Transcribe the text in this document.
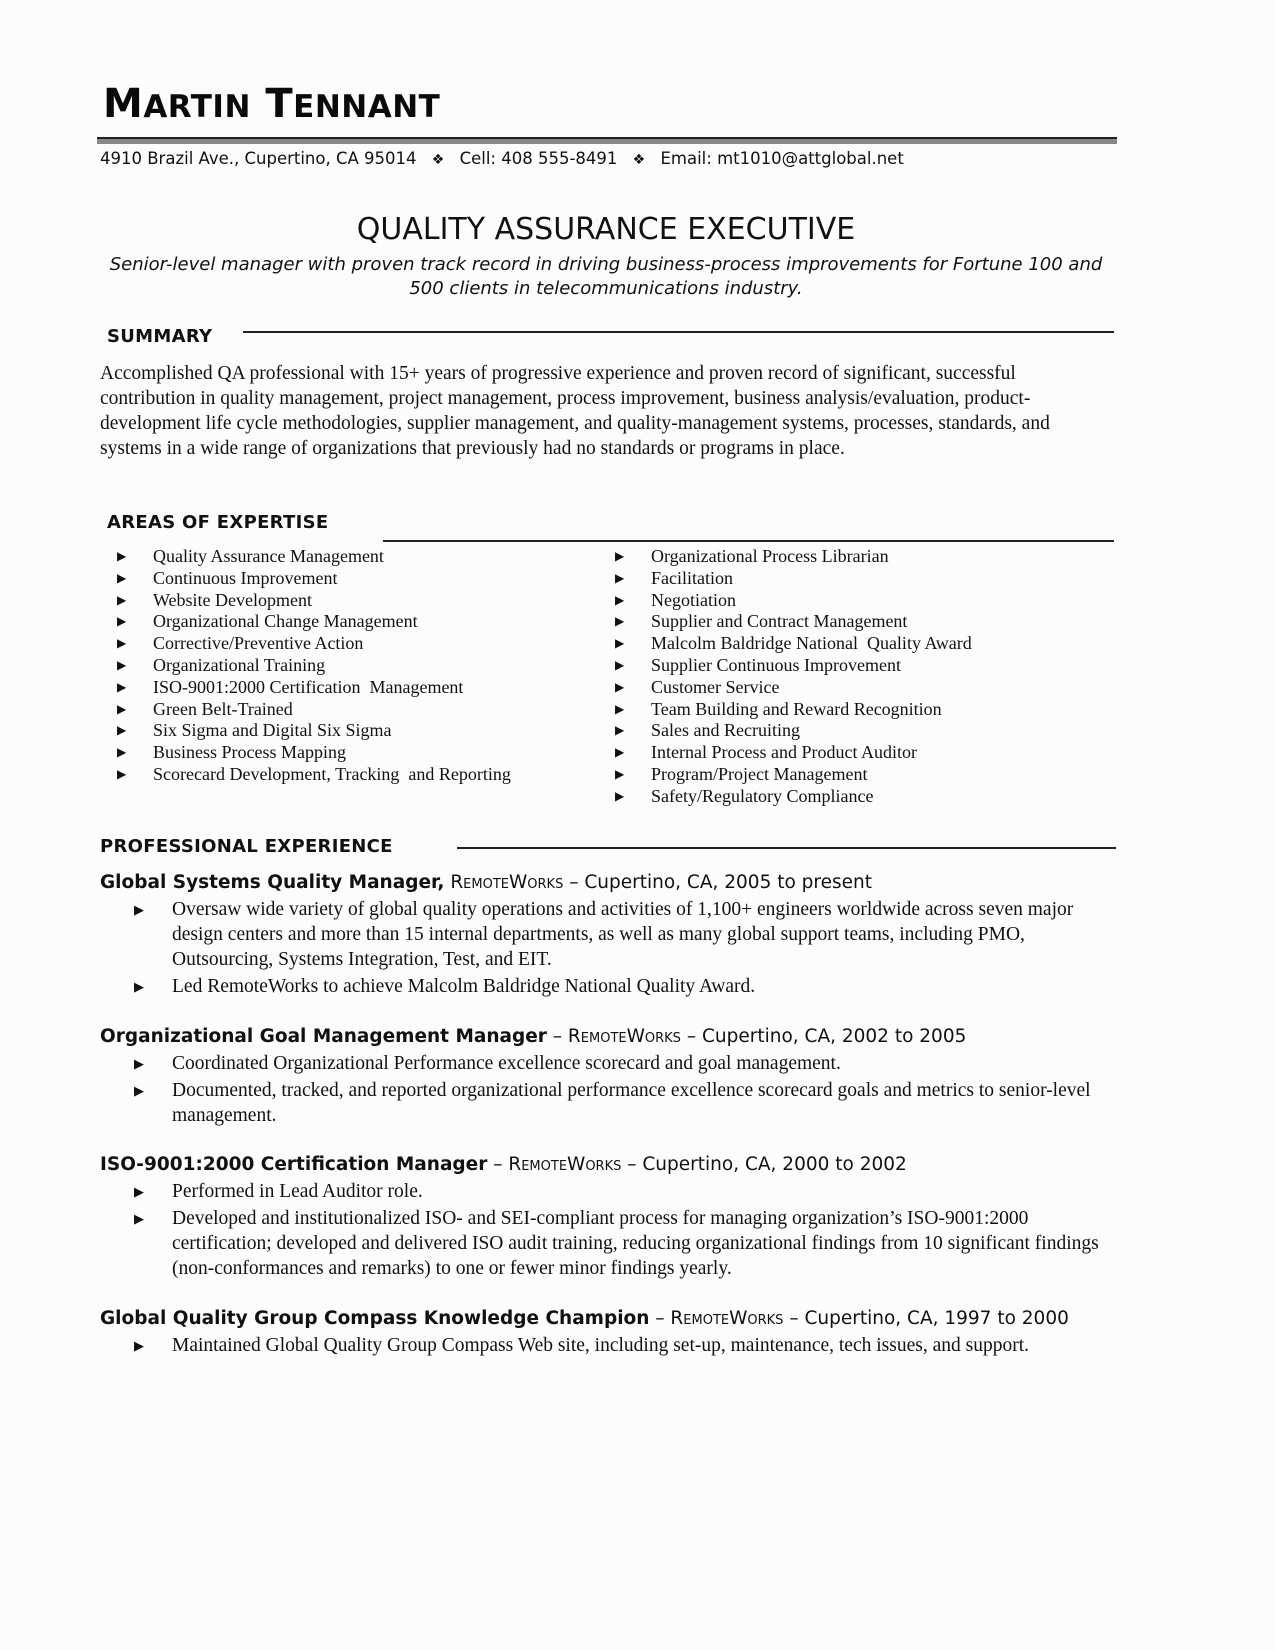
MARTIN TENNANT
4910 Brazil Ave., Cupertino, CA 95014 ❖ Cell: 408 555-8491 ❖ Email: mt1010@attglobal.net
QUALITY ASSURANCE EXECUTIVE
Senior-level manager with proven track record in driving business-process improvements for Fortune 100 and 500 clients in telecommunications industry.
SUMMARY
Accomplished QA professional with 15+ years of progressive experience and proven record of significant, successful contribution in quality management, project management, process improvement, business analysis/evaluation, product-development life cycle methodologies, supplier management, and quality-management systems, processes, standards, and systems in a wide range of organizations that previously had no standards or programs in place.
AREAS OF EXPERTISE
▶ Quality Assurance Management
▶ Continuous Improvement
▶ Website Development
▶ Organizational Change Management
▶ Corrective/Preventive Action
▶ Organizational Training
▶ ISO-9001:2000 Certification  Management
▶ Green Belt-Trained
▶ Six Sigma and Digital Six Sigma
▶ Business Process Mapping
▶ Scorecard Development, Tracking  and Reporting
▶ Organizational Process Librarian
▶ Facilitation
▶ Negotiation
▶ Supplier and Contract Management
▶ Malcolm Baldridge National  Quality Award
▶ Supplier Continuous Improvement
▶ Customer Service
▶ Team Building and Reward Recognition
▶ Sales and Recruiting
▶ Internal Process and Product Auditor
▶ Program/Project Management
▶ Safety/Regulatory Compliance
PROFESSIONAL EXPERIENCE
Global Systems Quality Manager, RemoteWorks – Cupertino, CA, 2005 to present
▶ Oversaw wide variety of global quality operations and activities of 1,100+ engineers worldwide across seven major design centers and more than 15 internal departments, as well as many global support teams, including PMO, Outsourcing, Systems Integration, Test, and EIT.
▶ Led RemoteWorks to achieve Malcolm Baldridge National Quality Award.
Organizational Goal Management Manager – RemoteWorks – Cupertino, CA, 2002 to 2005
▶ Coordinated Organizational Performance excellence scorecard and goal management.
▶ Documented, tracked, and reported organizational performance excellence scorecard goals and metrics to senior-level management.
ISO-9001:2000 Certification Manager – RemoteWorks – Cupertino, CA, 2000 to 2002
▶ Performed in Lead Auditor role.
▶ Developed and institutionalized ISO- and SEI-compliant process for managing organization’s ISO-9001:2000 certification; developed and delivered ISO audit training, reducing organizational findings from 10 significant findings (non-conformances and remarks) to one or fewer minor findings yearly.
Global Quality Group Compass Knowledge Champion – RemoteWorks – Cupertino, CA, 1997 to 2000
▶ Maintained Global Quality Group Compass Web site, including set-up, maintenance, tech issues, and support.
